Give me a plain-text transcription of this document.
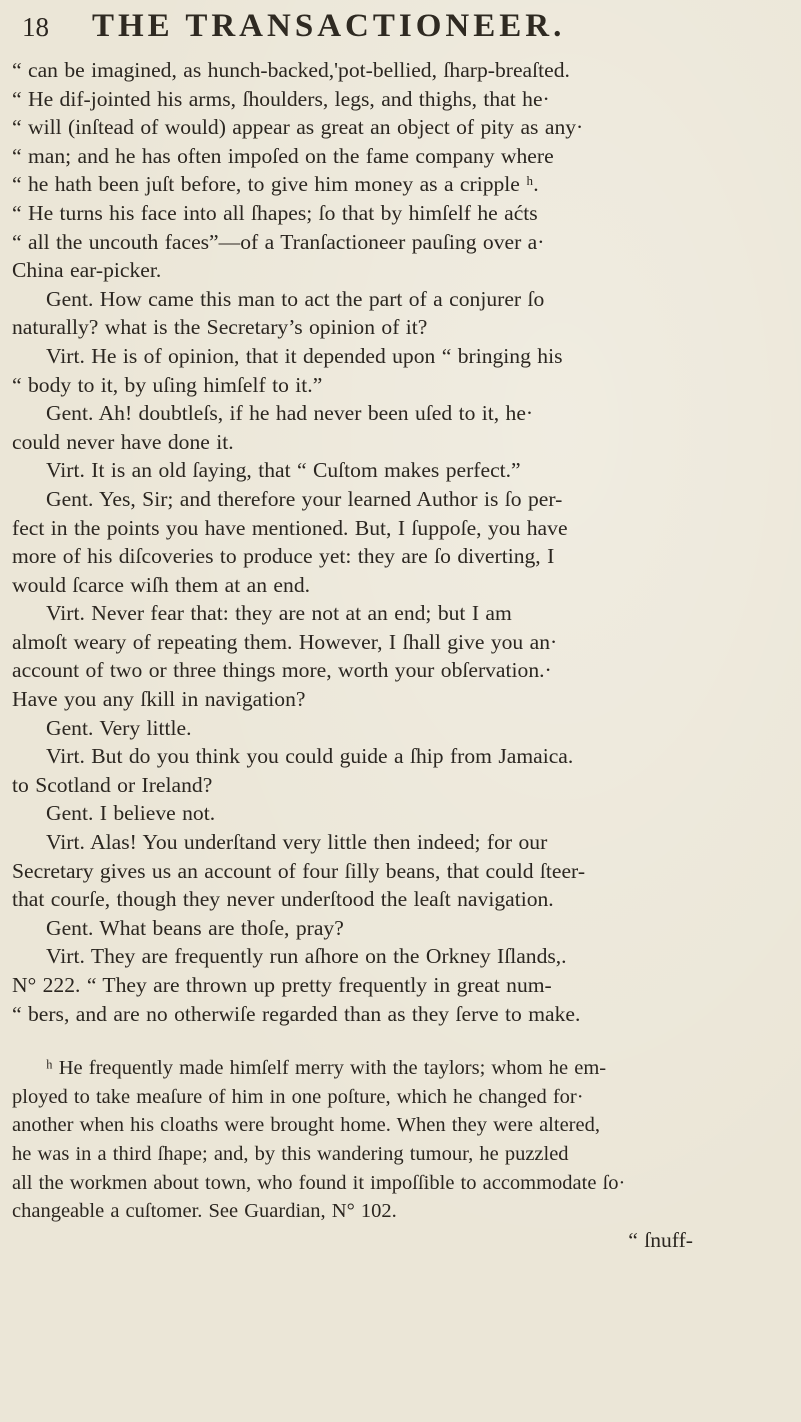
18	THE TRANSACTIONEER.
“ can be imagined, as hunch-backed,'pot-bellied, ſharp-breaſted.
“ He dif-jointed his arms, ſhoulders, legs, and thighs, that he·
“ will (inſtead of would) appear as great an object of pity as any·
“ man; and he has often impoſed on the fame company where
“ he hath been juſt before, to give him money as a cripple ʰ.
“ He turns his face into all ſhapes; ſo that by himſelf he aćts
“ all the uncouth faces”—of a Tranſactioneer pauſing over a·
China ear-picker.
Gent. How came this man to act the part of a conjurer ſo
naturally? what is the Secretary’s opinion of it?
Virt. He is of opinion, that it depended upon “ bringing his
“ body to it, by uſing himſelf to it.”
Gent. Ah! doubtleſs, if he had never been uſed to it, he·
could never have done it.
Virt. It is an old ſaying, that “ Cuſtom makes perfect.”
Gent. Yes, Sir; and therefore your learned Author is ſo per-
fect in the points you have mentioned. But, I ſuppoſe, you have
more of his diſcoveries to produce yet: they are ſo diverting, I
would ſcarce wiſh them at an end.
Virt. Never fear that: they are not at an end; but I am
almoſt weary of repeating them. However, I ſhall give you an·
account of two or three things more, worth your obſervation.·
Have you any ſkill in navigation?
Gent. Very little.
Virt. But do you think you could guide a ſhip from Jamaica.
to Scotland or Ireland?
Gent. I believe not.
Virt. Alas! You underſtand very little then indeed; for our
Secretary gives us an account of four ſilly beans, that could ſteer-
that courſe, though they never underſtood the leaſt navigation.
Gent. What beans are thoſe, pray?
Virt. They are frequently run aſhore on the Orkney Iſlands,.
N° 222. “ They are thrown up pretty frequently in great num-
“ bers, and are no otherwiſe regarded than as they ſerve to make.
ʰ He frequently made himſelf merry with the taylors; whom he em-
ployed to take meaſure of him in one poſture, which he changed for·
another when his cloaths were brought home. When they were altered,
he was in a third ſhape; and, by this wandering tumour, he puzzled
all the workmen about town, who found it impoſſible to accommodate ſo·
changeable a cuſtomer. See Guardian, N° 102.
“ ſnuff-
